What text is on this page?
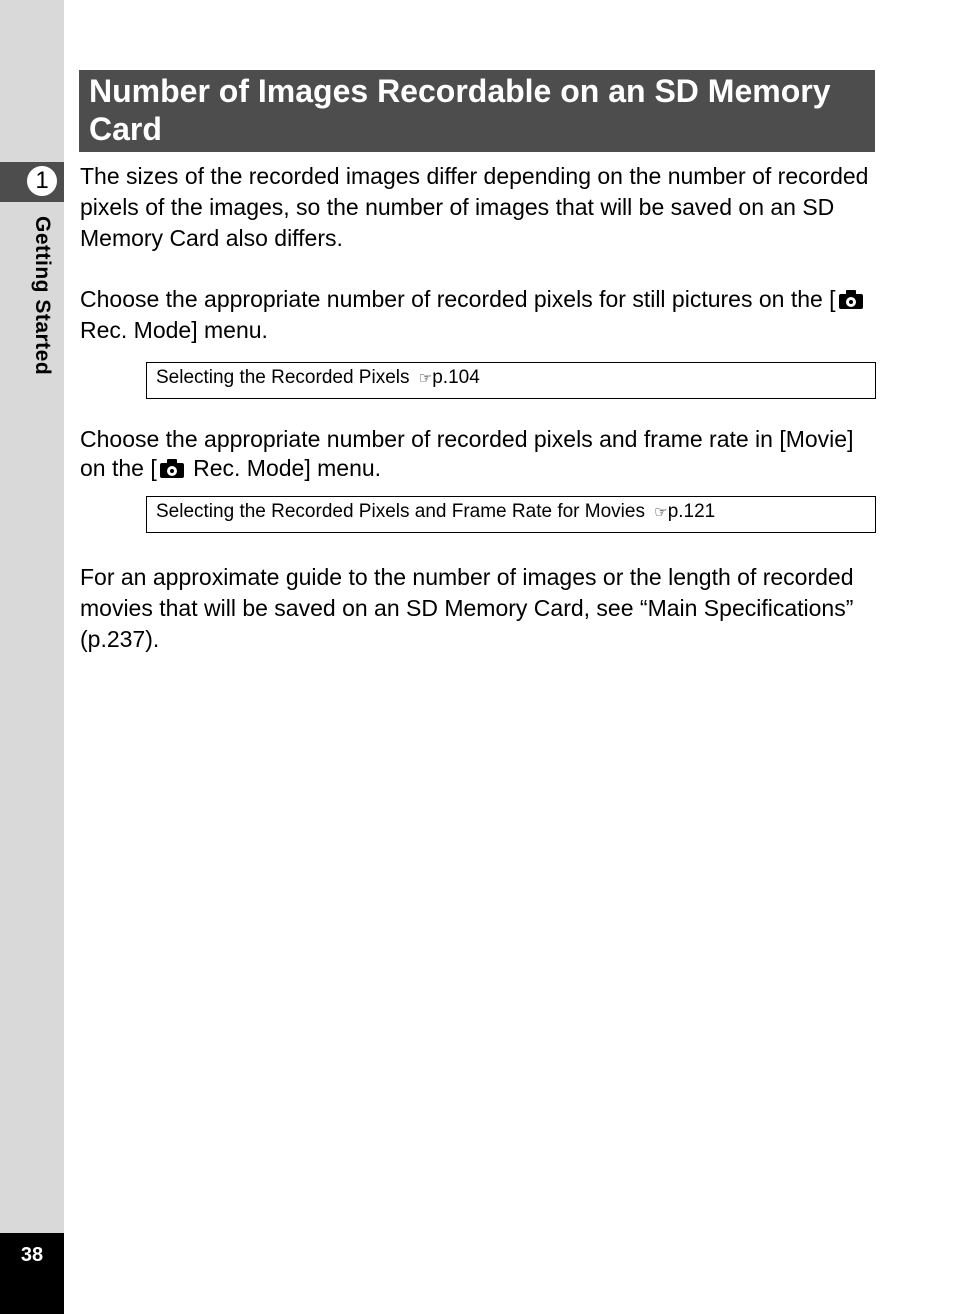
1
Getting Started
38
Number of Images Recordable on an SD Memory Card

The sizes of the recorded images differ depending on the number of recorded pixels of the images, so the number of images that will be saved on an SD Memory Card also differs.

Choose the appropriate number of recorded pixels for still pictures on the [
Rec. Mode] menu.

Selecting the Recorded Pixels ☞p.104

Choose the appropriate number of recorded pixels and frame rate in [Movie] on the [
Rec. Mode] menu.

Selecting the Recorded Pixels and Frame Rate for Movies ☞p.121

For an approximate guide to the number of images or the length of recorded movies that will be saved on an SD Memory Card, see “Main Specifications” (p.237).
